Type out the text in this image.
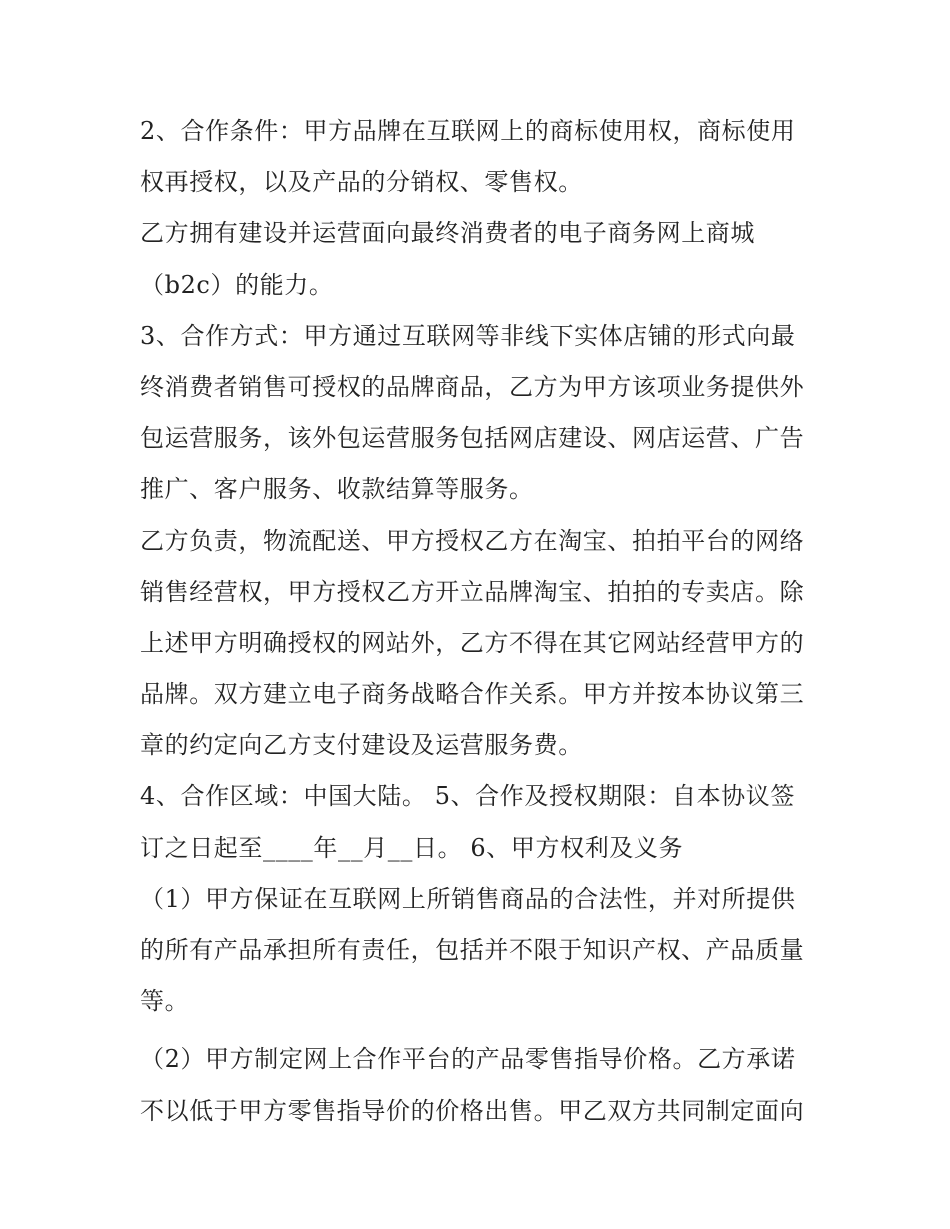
2、合作条件：甲方品牌在互联网上的商标使用权，商标使用
权再授权，以及产品的分销权、零售权。
乙方拥有建设并运营面向最终消费者的电子商务网上商城
（b2c）的能力。
3、合作方式：甲方通过互联网等非线下实体店铺的形式向最
终消费者销售可授权的品牌商品，乙方为甲方该项业务提供外
包运营服务，该外包运营服务包括网店建设、网店运营、广告
推广、客户服务、收款结算等服务。
乙方负责，物流配送、甲方授权乙方在淘宝、拍拍平台的网络
销售经营权，甲方授权乙方开立品牌淘宝、拍拍的专卖店。除
上述甲方明确授权的网站外，乙方不得在其它网站经营甲方的
品牌。双方建立电子商务战略合作关系。甲方并按本协议第三
章的约定向乙方支付建设及运营服务费。
4、合作区域：中国大陆。 5、合作及授权期限：自本协议签
订之日起至____年__月__日。 6、甲方权利及义务
（1）甲方保证在互联网上所销售商品的合法性，并对所提供
的所有产品承担所有责任，包括并不限于知识产权、产品质量
等。
（2）甲方制定网上合作平台的产品零售指导价格。乙方承诺
不以低于甲方零售指导价的价格出售。甲乙双方共同制定面向
